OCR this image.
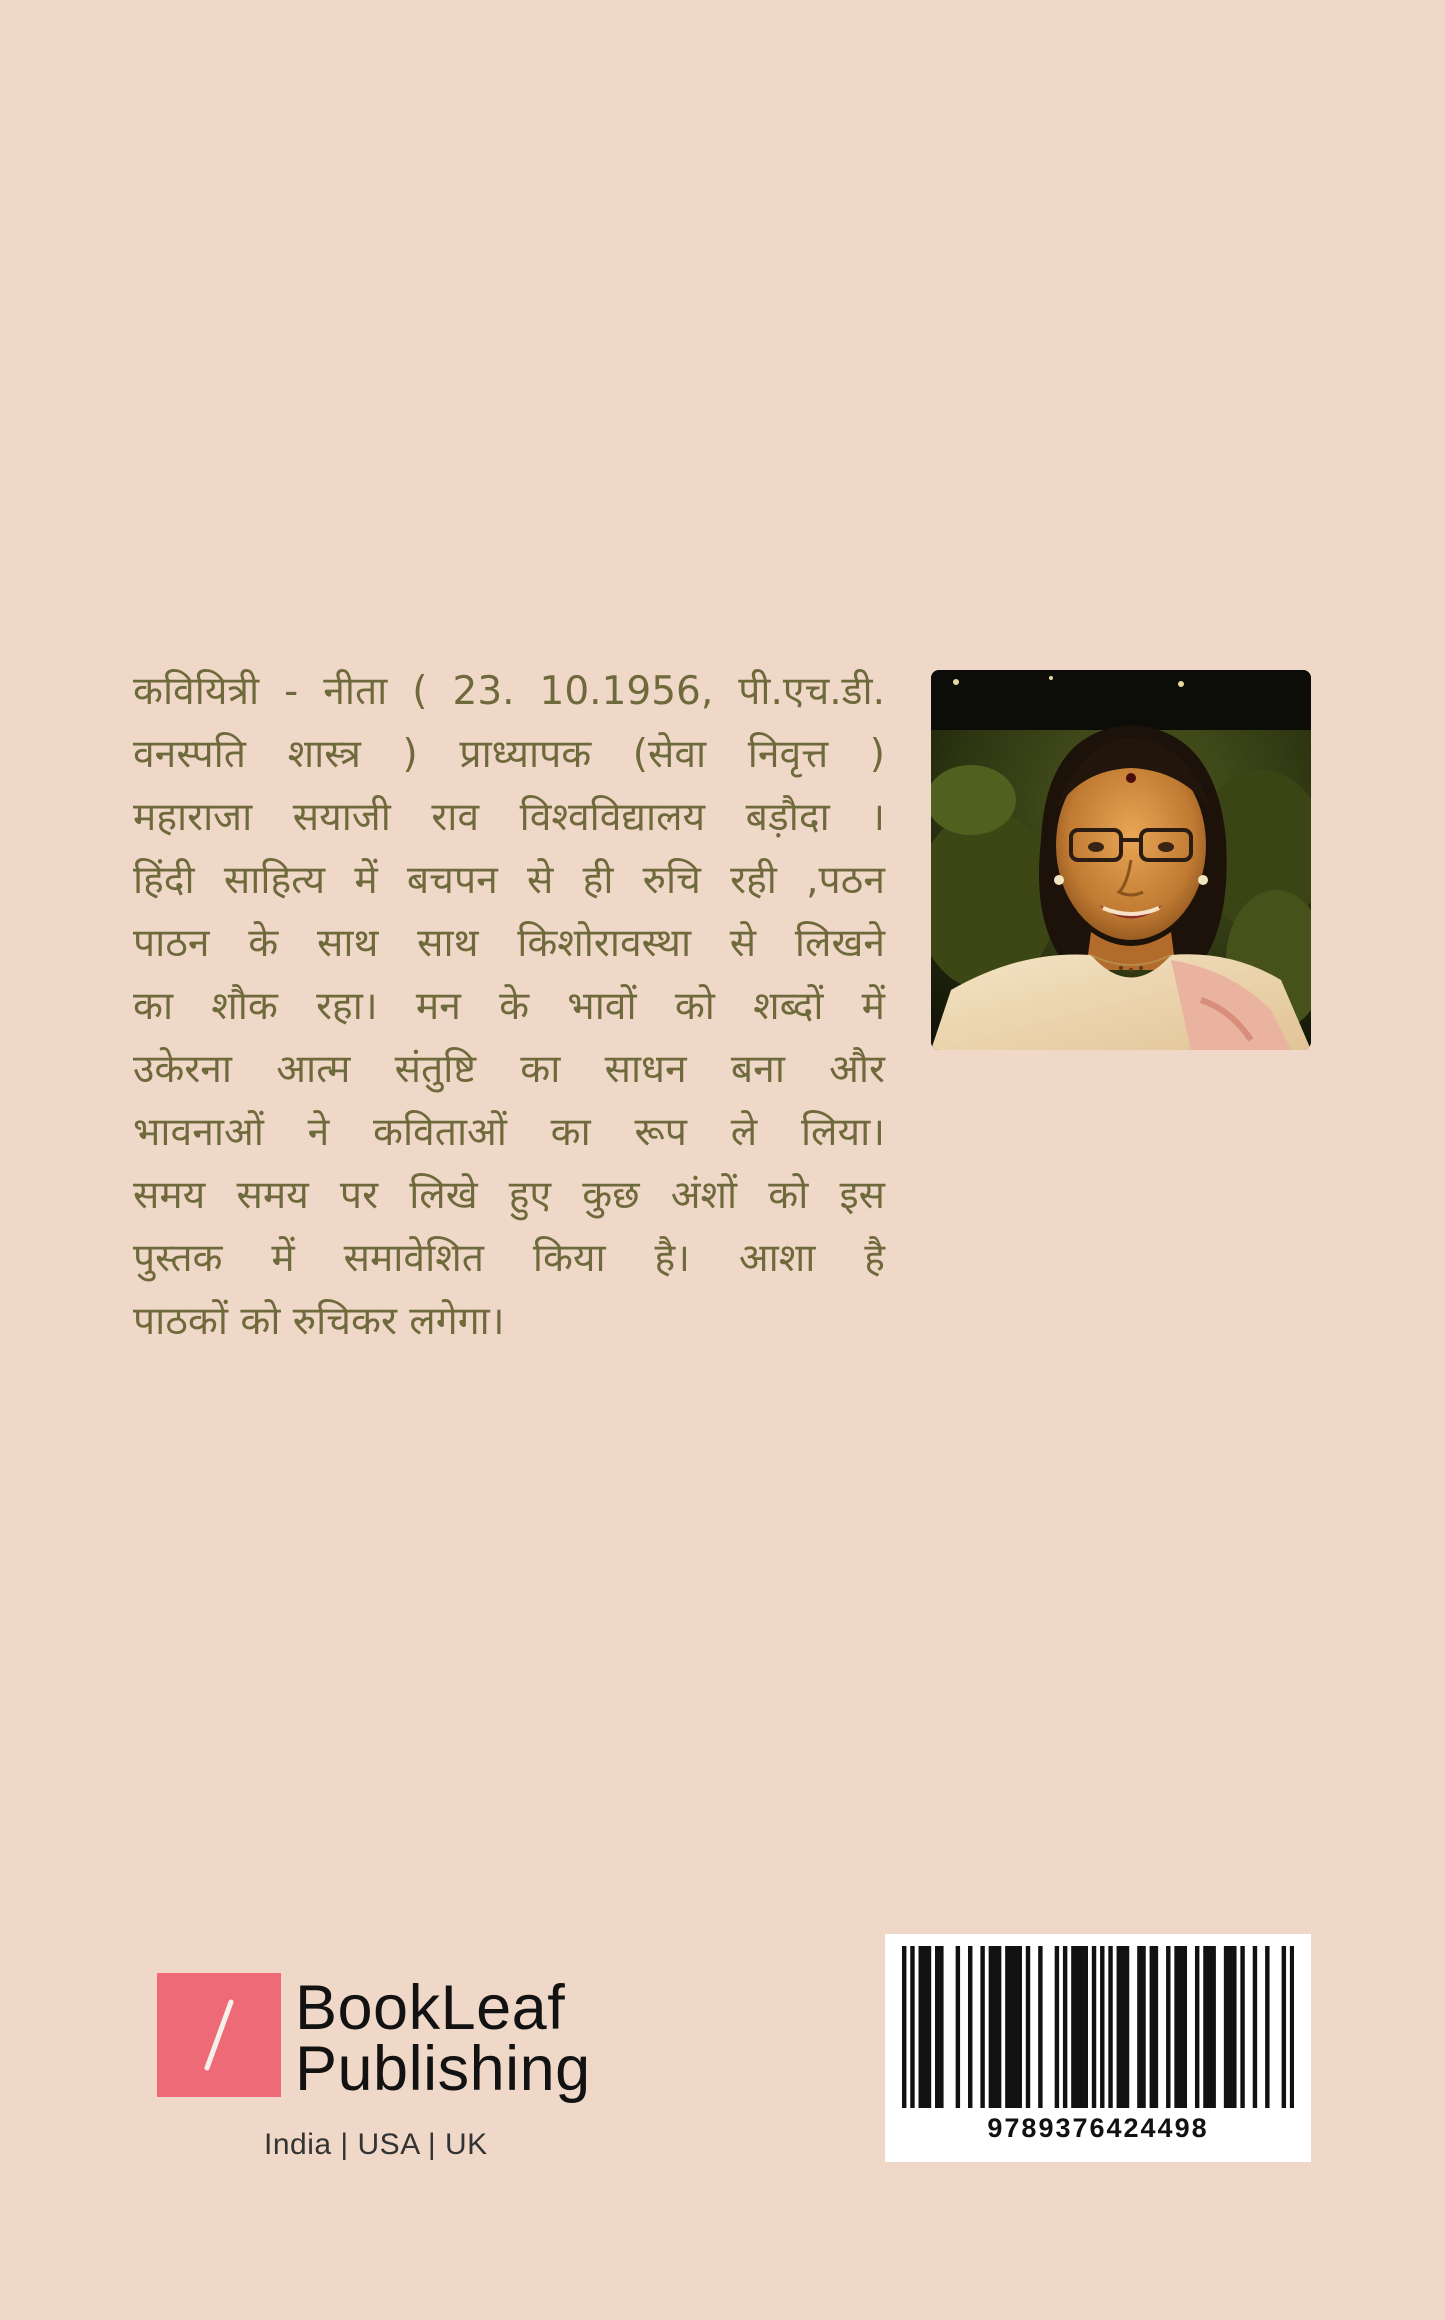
कवियित्री - नीता ( 23. 10.1956, पी.एच.डी.
वनस्पति शास्त्र ) प्राध्यापक (सेवा निवृत्त )
महाराजा सयाजी राव विश्वविद्यालय बड़ौदा ।
हिंदी साहित्य में बचपन से ही रुचि रही ,पठन
पाठन के साथ साथ किशोरावस्था से लिखने
का शौक रहा। मन के भावों को शब्दों में
उकेरना आत्म संतुष्टि का साधन बना और
भावनाओं ने कविताओं का रूप ले लिया।
समय समय पर लिखे हुए कुछ अंशों को इस
पुस्तक में समावेशित किया है। आशा है
पाठकों को रुचिकर लगेगा।
BookLeaf
Publishing
India | USA | UK	9789376424498
